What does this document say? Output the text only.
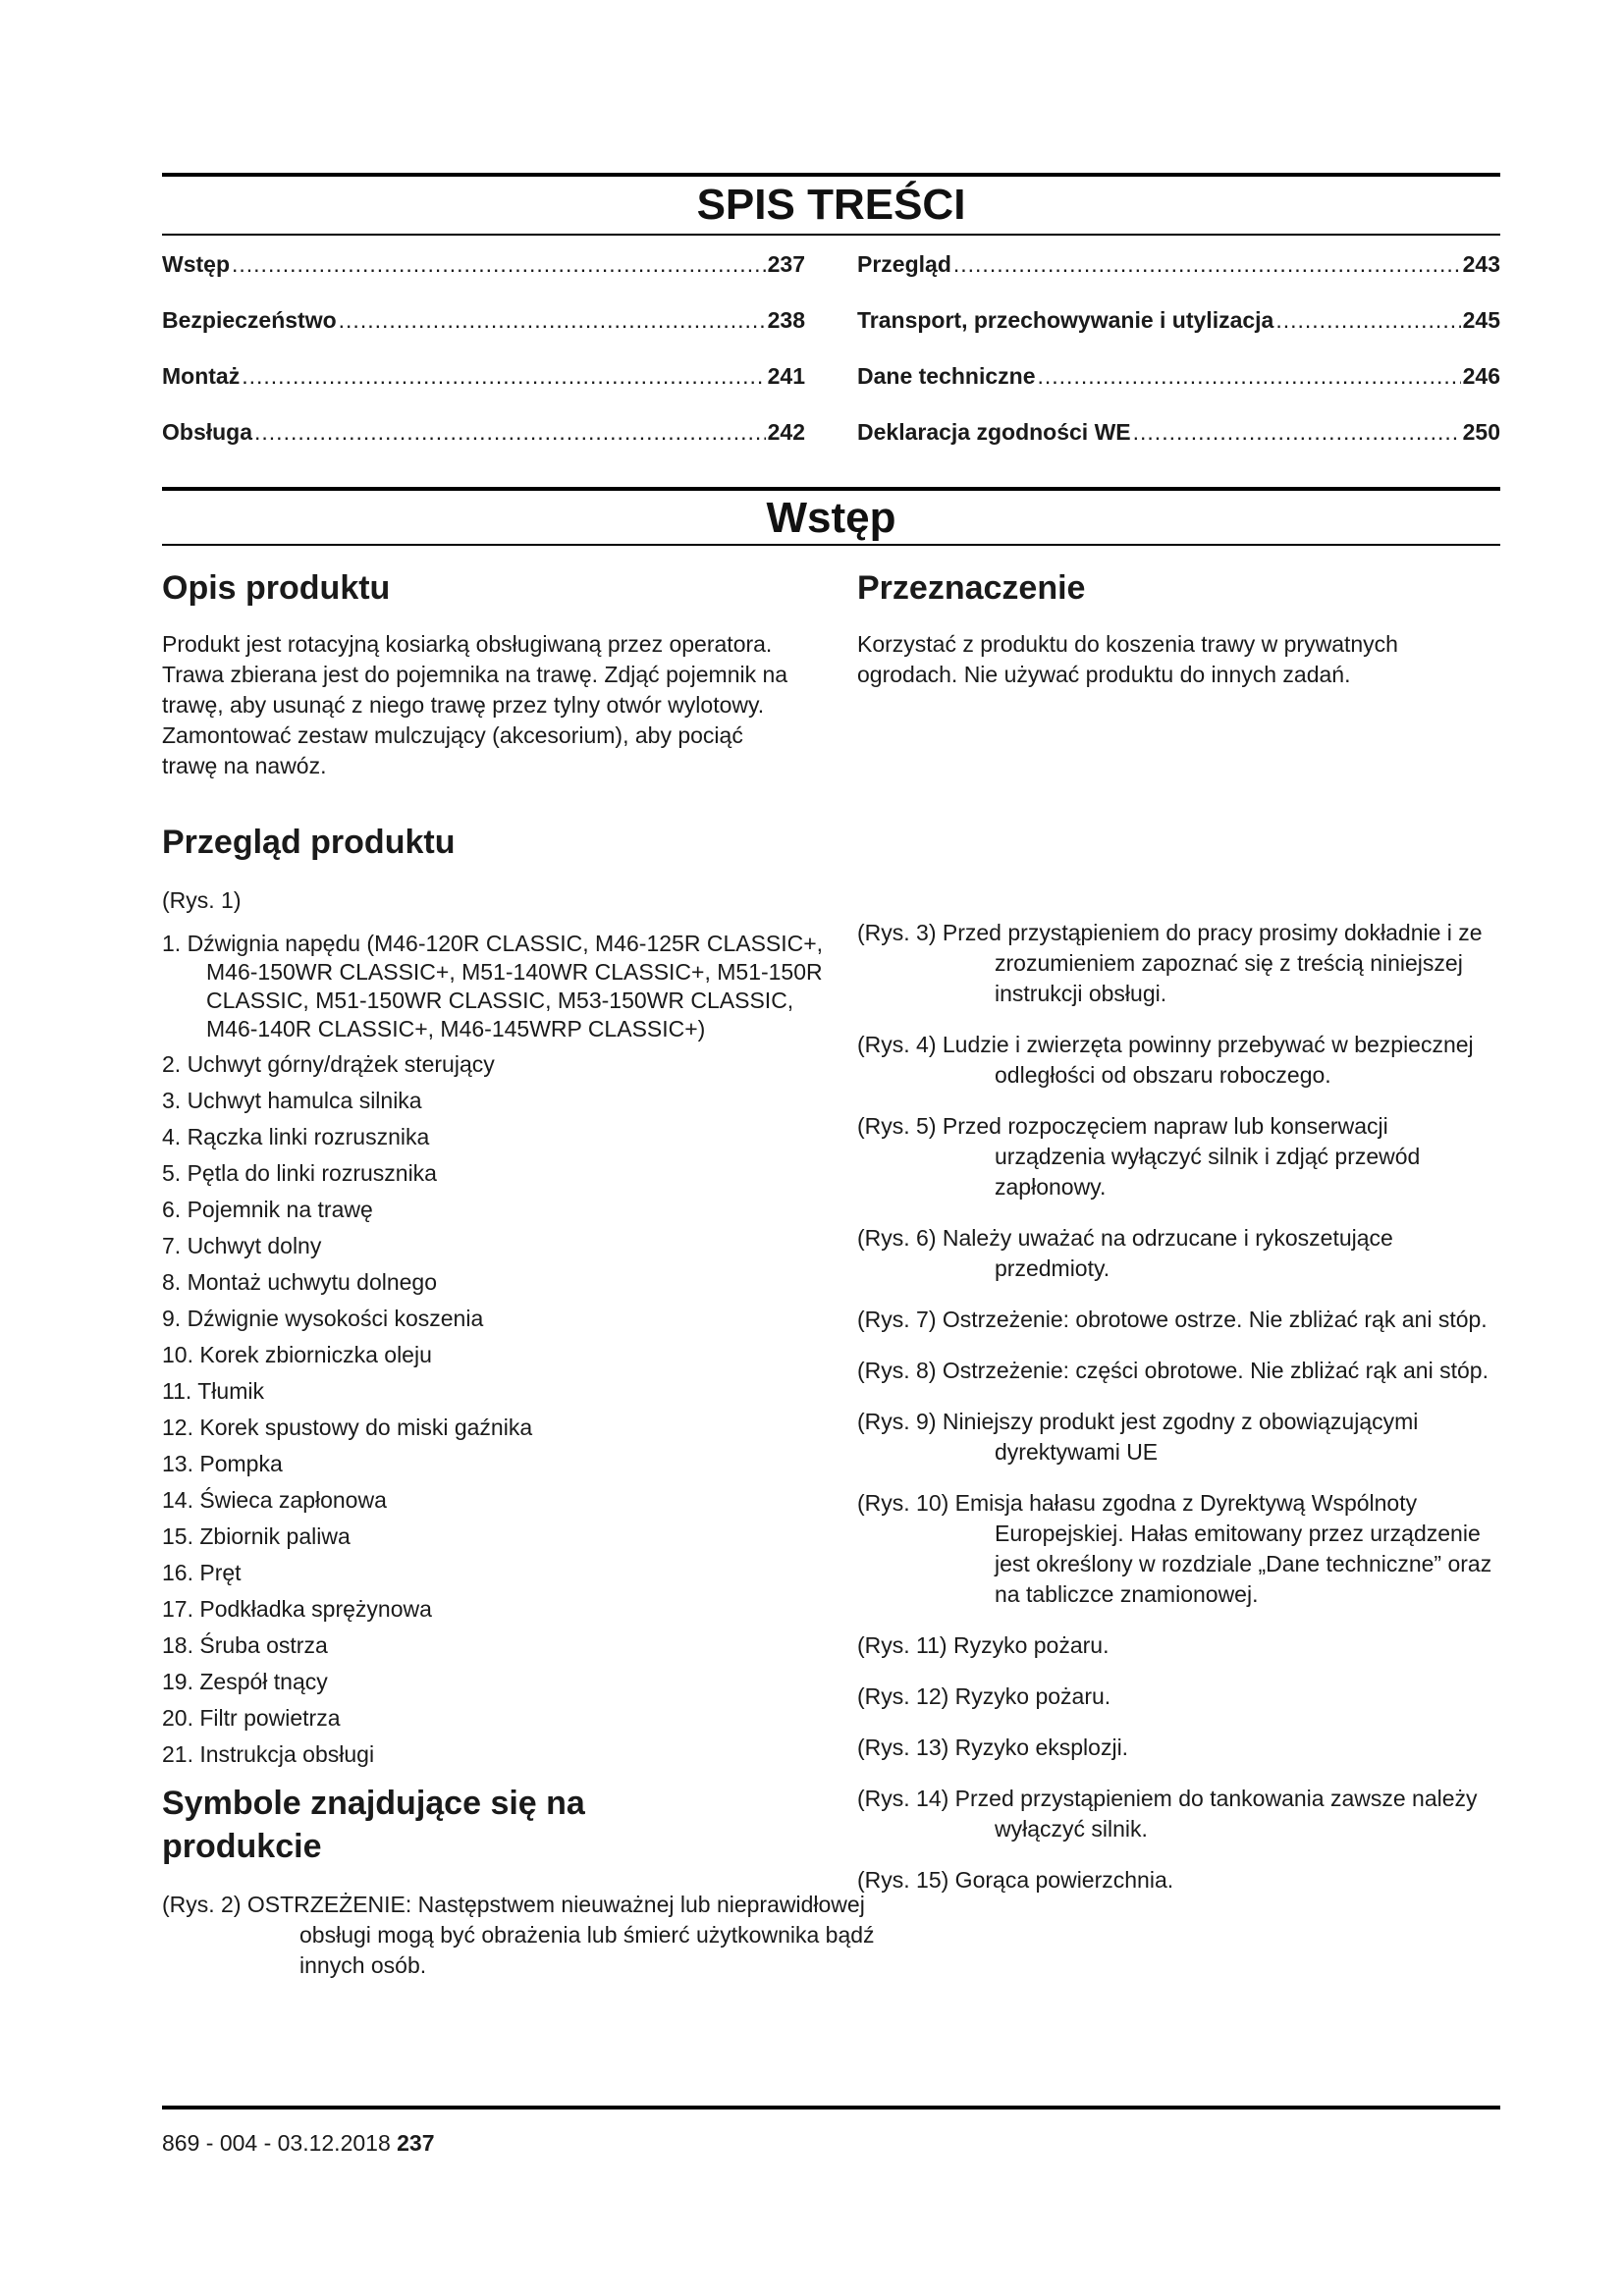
SPIS TREŚCI
Wstęp .....	237
Bezpieczeństwo .....	238
Montaż .....	241
Obsługa .....	242
Przegląd .....	243
Transport, przechowywanie i utylizacja .....	245
Dane techniczne .....	246
Deklaracja zgodności WE .....	250
Wstęp
Opis produktu

Produkt jest rotacyjną kosiarką obsługiwaną przez operatora. Trawa zbierana jest do pojemnika na trawę. Zdjąć pojemnik na trawę, aby usunąć z niego trawę przez tylny otwór wylotowy. Zamontować zestaw mulczujący (akcesorium), aby pociąć trawę na nawóz.

Przegląd produktu

(Rys. 1)

1. Dźwignia napędu (M46-120R CLASSIC, M46-125R CLASSIC+, M46-150WR CLASSIC+, M51-140WR CLASSIC+, M51-150R CLASSIC, M51-150WR CLASSIC, M53-150WR CLASSIC, M46-140R CLASSIC+, M46-145WRP CLASSIC+)
2. Uchwyt górny/drążek sterujący
3. Uchwyt hamulca silnika
4. Rączka linki rozrusznika
5. Pętla do linki rozrusznika
6. Pojemnik na trawę
7. Uchwyt dolny
8. Montaż uchwytu dolnego
9. Dźwignie wysokości koszenia
10. Korek zbiorniczka oleju
11. Tłumik
12. Korek spustowy do miski gaźnika
13. Pompka
14. Świeca zapłonowa
15. Zbiornik paliwa
16. Pręt
17. Podkładka sprężynowa
18. Śruba ostrza
19. Zespół tnący
20. Filtr powietrza
21. Instrukcja obsługi
Symbole znajdujące się na produkcie
(Rys. 2) OSTRZEŻENIE: Następstwem nieuważnej lub nieprawidłowej obsługi mogą być obrażenia lub śmierć użytkownika bądź innych osób.
Przeznaczenie

Korzystać z produktu do koszenia trawy w prywatnych ogrodach. Nie używać produktu do innych zadań.

(Rys. 3) Przed przystąpieniem do pracy prosimy dokładnie i ze zrozumieniem zapoznać się z treścią niniejszej instrukcji obsługi.
(Rys. 4) Ludzie i zwierzęta powinny przebywać w bezpiecznej odległości od obszaru roboczego.
(Rys. 5) Przed rozpoczęciem napraw lub konserwacji urządzenia wyłączyć silnik i zdjąć przewód zapłonowy.
(Rys. 6) Należy uważać na odrzucane i rykoszetujące przedmioty.
(Rys. 7) Ostrzeżenie: obrotowe ostrze. Nie zbliżać rąk ani stóp.
(Rys. 8) Ostrzeżenie: części obrotowe. Nie zbliżać rąk ani stóp.
(Rys. 9) Niniejszy produkt jest zgodny z obowiązującymi dyrektywami UE
(Rys. 10) Emisja hałasu zgodna z Dyrektywą Wspólnoty Europejskiej. Hałas emitowany przez urządzenie jest określony w rozdziale „Dane techniczne” oraz na tabliczce znamionowej.
(Rys. 11) Ryzyko pożaru.
(Rys. 12) Ryzyko pożaru.
(Rys. 13) Ryzyko eksplozji.
(Rys. 14) Przed przystąpieniem do tankowania zawsze należy wyłączyć silnik.
(Rys. 15) Gorąca powierzchnia.
869 - 004 - 03.12.2018 237
